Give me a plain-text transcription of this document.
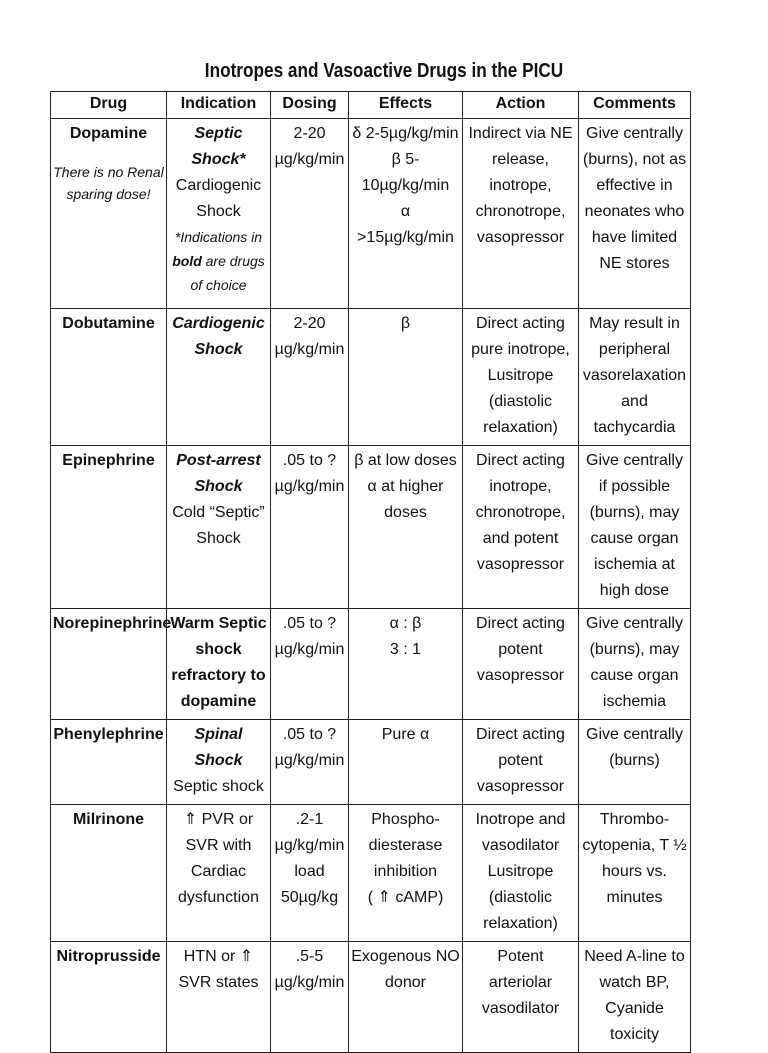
Inotropes and Vasoactive Drugs in the PICU
Drug	Indication	Dosing	Effects	Action	Comments

Dopamine
There is no Renal sparing dose!	Septic Shock*
Cardiogenic Shock
*Indications in bold are drugs of choice	2-20
µg/kg/min	δ 2-5µg/kg/min
β 5-10µg/kg/min
α >15µg/kg/min	Indirect via NE release, inotrope, chronotrope, vasopressor	Give centrally (burns), not as effective in neonates who have limited NE stores

Dobutamine	Cardiogenic Shock	2-20
µg/kg/min	β	Direct acting pure inotrope, Lusitrope (diastolic relaxation)	May result in peripheral vasorelaxation and tachycardia

Epinephrine	Post-arrest Shock
Cold “Septic” Shock	.05 to ?
µg/kg/min	β at low doses
α at higher doses	Direct acting inotrope, chronotrope, and potent vasopressor	Give centrally if possible (burns), may cause organ ischemia at high dose

Norepinephrine	Warm Septic shock refractory to dopamine	.05 to ?
µg/kg/min	α : β
3 : 1	Direct acting potent vasopressor	Give centrally (burns), may cause organ ischemia

Phenylephrine	Spinal Shock
Septic shock	.05 to ?
µg/kg/min	Pure α	Direct acting potent vasopressor	Give centrally (burns)

Milrinone	⇑ PVR or SVR with Cardiac dysfunction	.2-1
µg/kg/min
load
50µg/kg	Phospho-
diesterase
inhibition
( ⇑ cAMP)	Inotrope and vasodilator Lusitrope (diastolic relaxation)	Thrombo-cytopenia, T ½ hours vs. minutes

Nitroprusside	HTN or ⇑ SVR states	.5-5
µg/kg/min	Exogenous NO donor	Potent arteriolar vasodilator	Need A-line to watch BP, Cyanide toxicity
